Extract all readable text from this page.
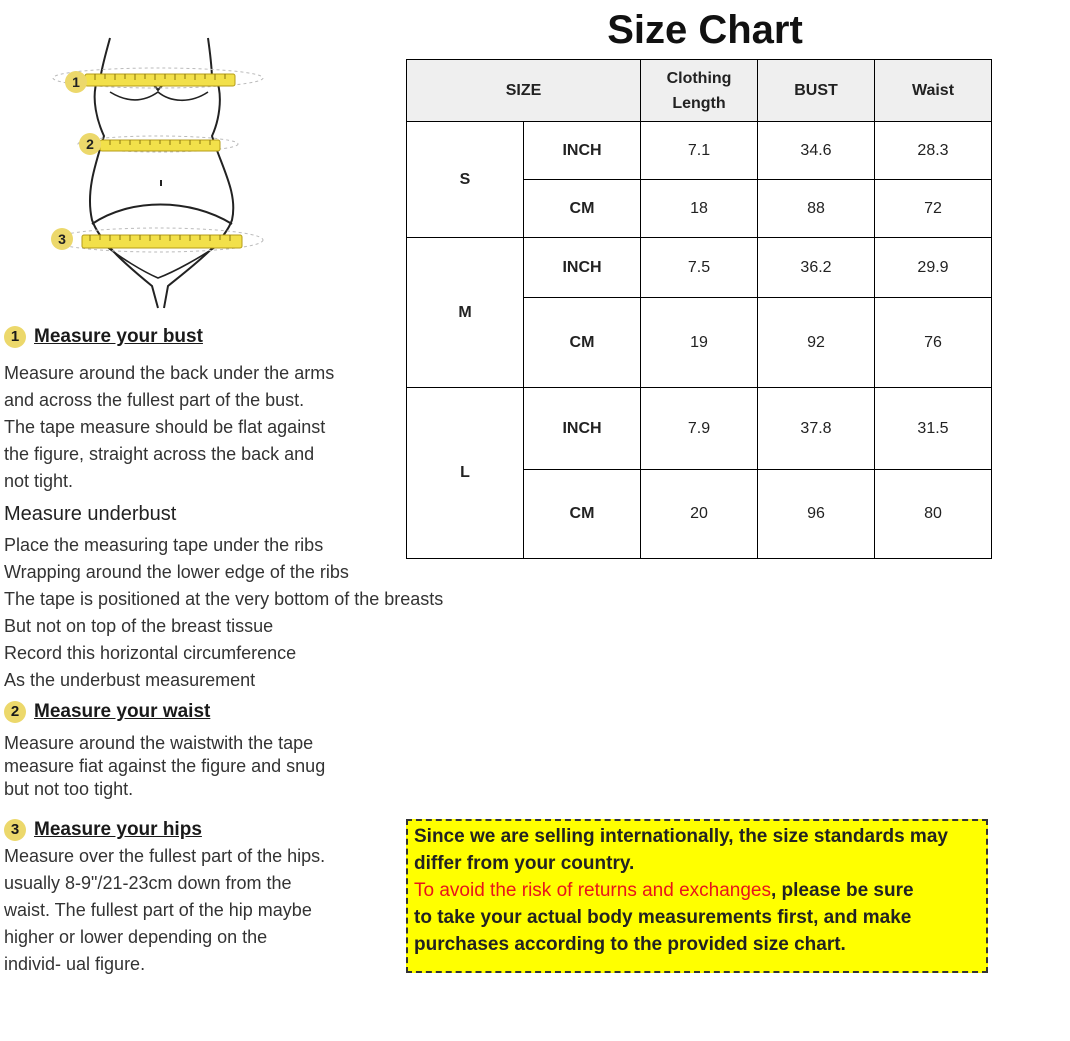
Size Chart
1
2
3
SIZE		Clothing Length	BUST	Waist
S	INCH	7.1	34.6	28.3
	CM	18	88	72
M	INCH	7.5	36.2	29.9
	CM	19	92	76
L	INCH	7.9	37.8	31.5
	CM	20	96	80
1 Measure your bust
Measure around the back under the arms
and across the fullest part of the bust.
The tape measure should be flat against
the figure, straight across the back and
not tight.
Measure underbust
Place the measuring tape under the ribs
Wrapping around the lower edge of the ribs
The tape is positioned at the very bottom of the breasts
But not on top of the breast tissue
Record this horizontal circumference
As the underbust measurement
2 Measure your waist
Measure around the waistwith the tape
measure fiat against the figure and snug
but not too tight.
3 Measure your hips
Measure over the fullest part of the hips.
usually 8-9"/21-23cm down from the
waist. The fullest part of the hip maybe
higher or lower depending on the
individ- ual figure.
Since we are selling internationally, the size standards may
differ from your country.
To avoid the risk of returns and exchanges, please be sure
to take your actual body measurements first, and make
purchases according to the provided size chart.
